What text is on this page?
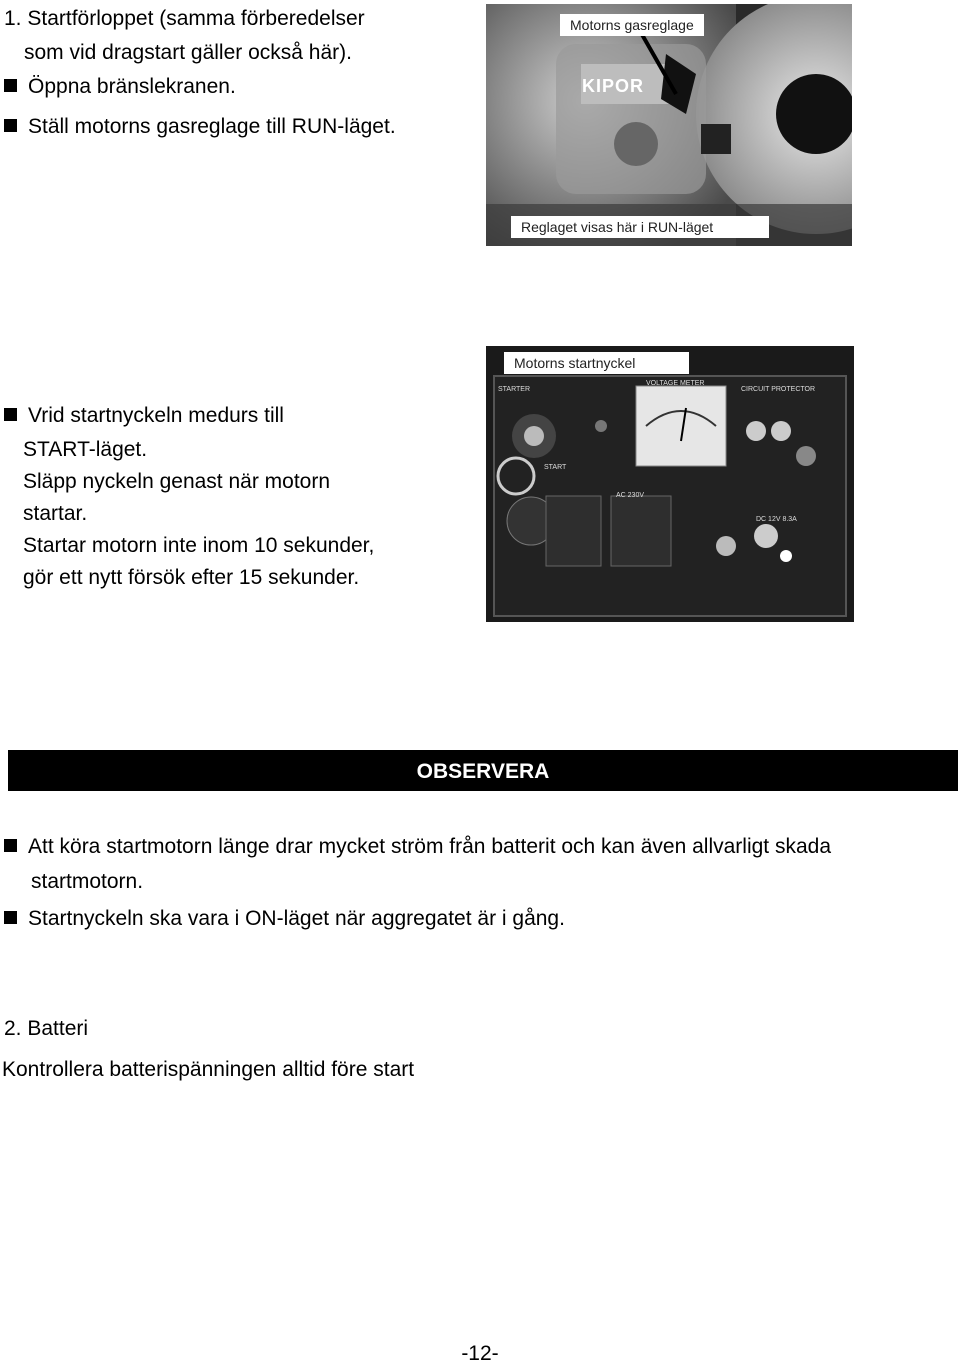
1. Startförloppet (samma förberedelser
som vid dragstart gäller också här).
Öppna bränslekranen.
Ställ motorns gasreglage till RUN-läget.
KIPOR
Motorns gasreglage
Reglaget visas här i RUN-läget
Motorns startnyckel
STARTER
VOLTAGE METER
CIRCUIT PROTECTOR
START
AC 230V
DC 12V 8.3A
Vrid startnyckeln medurs till
START-läget.
Släpp nyckeln genast när motorn
startar.
Startar motorn inte inom 10 sekunder,
gör ett nytt försök efter 15 sekunder.
OBSERVERA
Att köra startmotorn länge drar mycket ström från batterit och kan även allvarligt skada
startmotorn.
Startnyckeln ska vara i ON-läget när aggregatet är i gång.
2. Batteri
Kontrollera batterispänningen alltid före start
-12-
